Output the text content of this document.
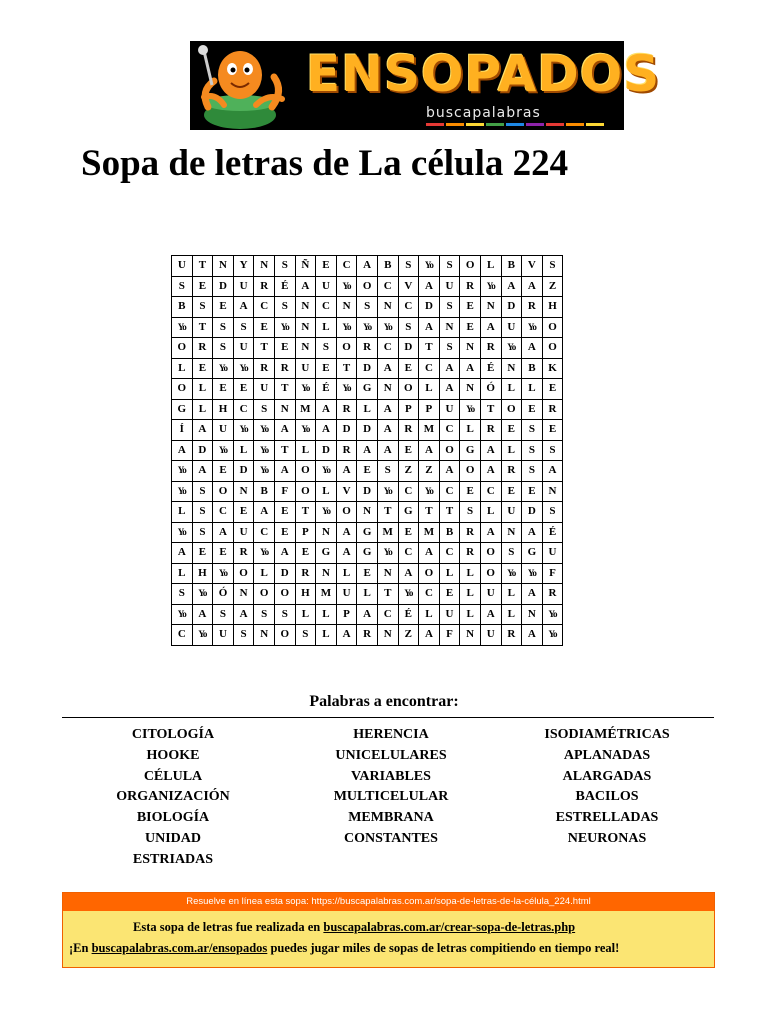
ENSOPADOS
buscapalabras
Sopa de letras de La célula 224
U	T	N	Y	N	S	Ñ	E	C	A	B	S	Yo	S	O	L	B	V	S
S	E	D	U	R	É	A	U	Yo	O	C	V	A	U	R	Yo	A	A	Z
B	S	E	A	C	S	N	C	N	S	N	C	D	S	E	N	D	R	H
Yo	T	S	S	E	Yo	N	L	Yo	Yo	Yo	S	A	N	E	A	U	Yo	O
O	R	S	U	T	E	N	S	O	R	C	D	T	S	N	R	Yo	A	O
L	E	Yo	Yo	R	R	U	E	T	D	A	E	C	A	A	É	N	B	K
O	L	E	E	U	T	Yo	É	Yo	G	N	O	L	A	N	Ó	L	L	E
G	L	H	C	S	N	M	A	R	L	A	P	P	U	Yo	T	O	E	R
Í	A	U	Yo	Yo	A	Yo	A	D	D	A	R	M	C	L	R	E	S	E
A	D	Yo	L	Yo	T	L	D	R	A	A	E	A	O	G	A	L	S	S
Yo	A	E	D	Yo	A	O	Yo	A	E	S	Z	Z	A	O	A	R	S	A
Yo	S	O	N	B	F	O	L	V	D	Yo	C	Yo	C	E	C	E	E	N
L	S	C	E	A	E	T	Yo	O	N	T	G	T	T	S	L	U	D	S
Yo	S	A	U	C	E	P	N	A	G	M	E	M	B	R	A	N	A	É
A	E	E	R	Yo	A	E	G	A	G	Yo	C	A	C	R	O	S	G	U
L	H	Yo	O	L	D	R	N	L	E	N	A	O	L	L	O	Yo	Yo	F
S	Yo	Ó	N	O	O	H	M	U	L	T	Yo	C	E	L	U	L	A	R
Yo	A	S	A	S	S	L	L	P	A	C	É	L	U	L	A	L	N	Yo
C	Yo	U	S	N	O	S	L	A	R	N	Z	A	F	N	U	R	A	Yo
Palabras a encontrar:
CITOLOGÍA
HOOKE
CÉLULA
ORGANIZACIÓN
BIOLOGÍA
UNIDAD
ESTRIADAS
HERENCIA
UNICELULARES
VARIABLES
MULTICELULAR
MEMBRANA
CONSTANTES
ISODIAMÉTRICAS
APLANADAS
ALARGADAS
BACILOS
ESTRELLADAS
NEURONAS
Resuelve en línea esta sopa: https://buscapalabras.com.ar/sopa-de-letras-de-la-célula_224.html
Esta sopa de letras fue realizada en buscapalabras.com.ar/crear-sopa-de-letras.php
¡En buscapalabras.com.ar/ensopados puedes jugar miles de sopas de letras compitiendo en tiempo real!
